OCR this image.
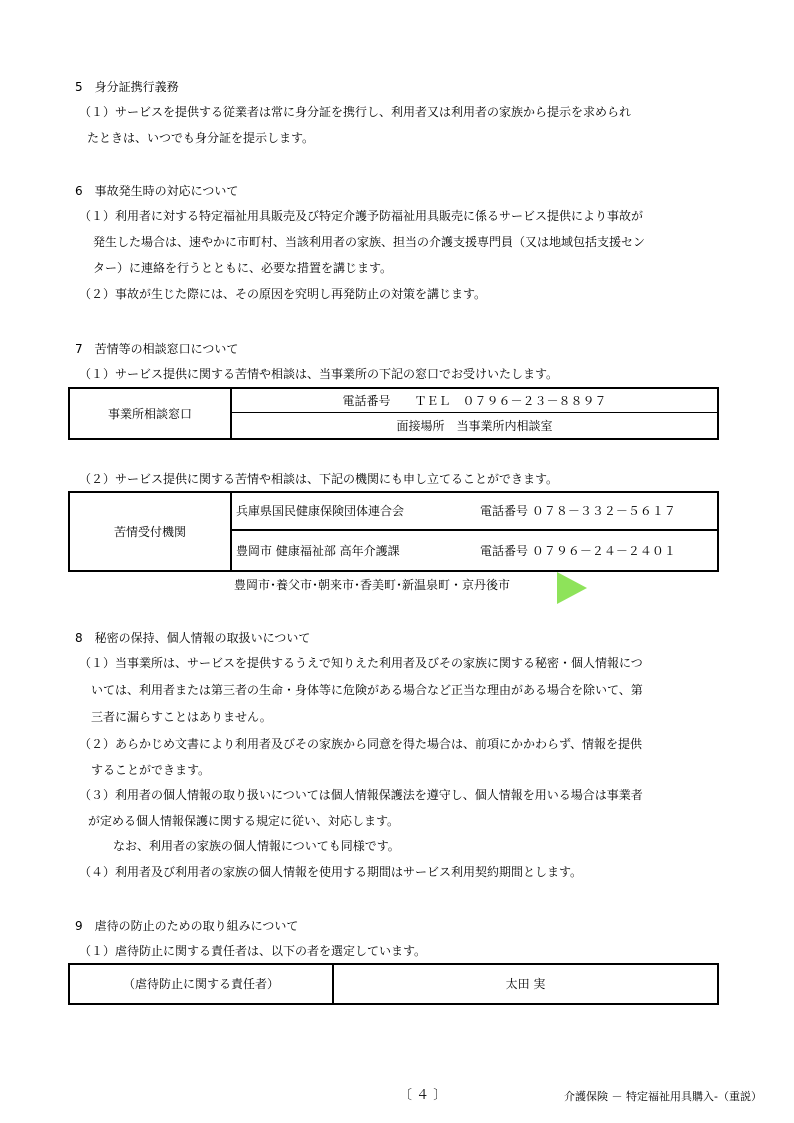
5　身分証携行義務
（１）サービスを提供する従業者は常に身分証を携行し、利用者又は利用者の家族から提示を求められ
たときは、いつでも身分証を提示します。
6　事故発生時の対応について
（１）利用者に対する特定福祉用具販売及び特定介護予防福祉用具販売に係るサービス提供により事故が
発生した場合は、速やかに市町村、当該利用者の家族、担当の介護支援専門員（又は地域包括支援セン
ター）に連絡を行うとともに、必要な措置を講じます。
（２）事故が生じた際には、その原因を究明し再発防止の対策を講じます。
7　苦情等の相談窓口について
（１）サービス提供に関する苦情や相談は、当事業所の下記の窓口でお受けいたします。
事業所相談窓口
電話番号　　ＴＥＬ　０７９６－２３－８８９７
面接場所　当事業所内相談室
（２）サービス提供に関する苦情や相談は、下記の機関にも申し立てることができます。
苦情受付機関
兵庫県国民健康保険団体連合会	電話番号 ０７８－３３２－５６１７
豊岡市 健康福祉部 高年介護課	電話番号 ０７９６－２４－２４０１
豊岡市･養父市･朝来市･香美町･新温泉町・京丹後市
8　秘密の保持、個人情報の取扱いについて
（１）当事業所は、サービスを提供するうえで知りえた利用者及びその家族に関する秘密・個人情報につ
いては、利用者または第三者の生命・身体等に危険がある場合など正当な理由がある場合を除いて、第
三者に漏らすことはありません。
（２）あらかじめ文書により利用者及びその家族から同意を得た場合は、前項にかかわらず、情報を提供
することができます。
（３）利用者の個人情報の取り扱いについては個人情報保護法を遵守し、個人情報を用いる場合は事業者
が定める個人情報保護に関する規定に従い、対応します。
なお、利用者の家族の個人情報についても同様です。
（４）利用者及び利用者の家族の個人情報を使用する期間はサービス利用契約期間とします。
9　虐待の防止のための取り組みについて
（１）虐待防止に関する責任者は、以下の者を選定しています。
（虐待防止に関する責任者）	太田 実
〔 ４ 〕	介護保険 － 特定福祉用具購入-（重説）
